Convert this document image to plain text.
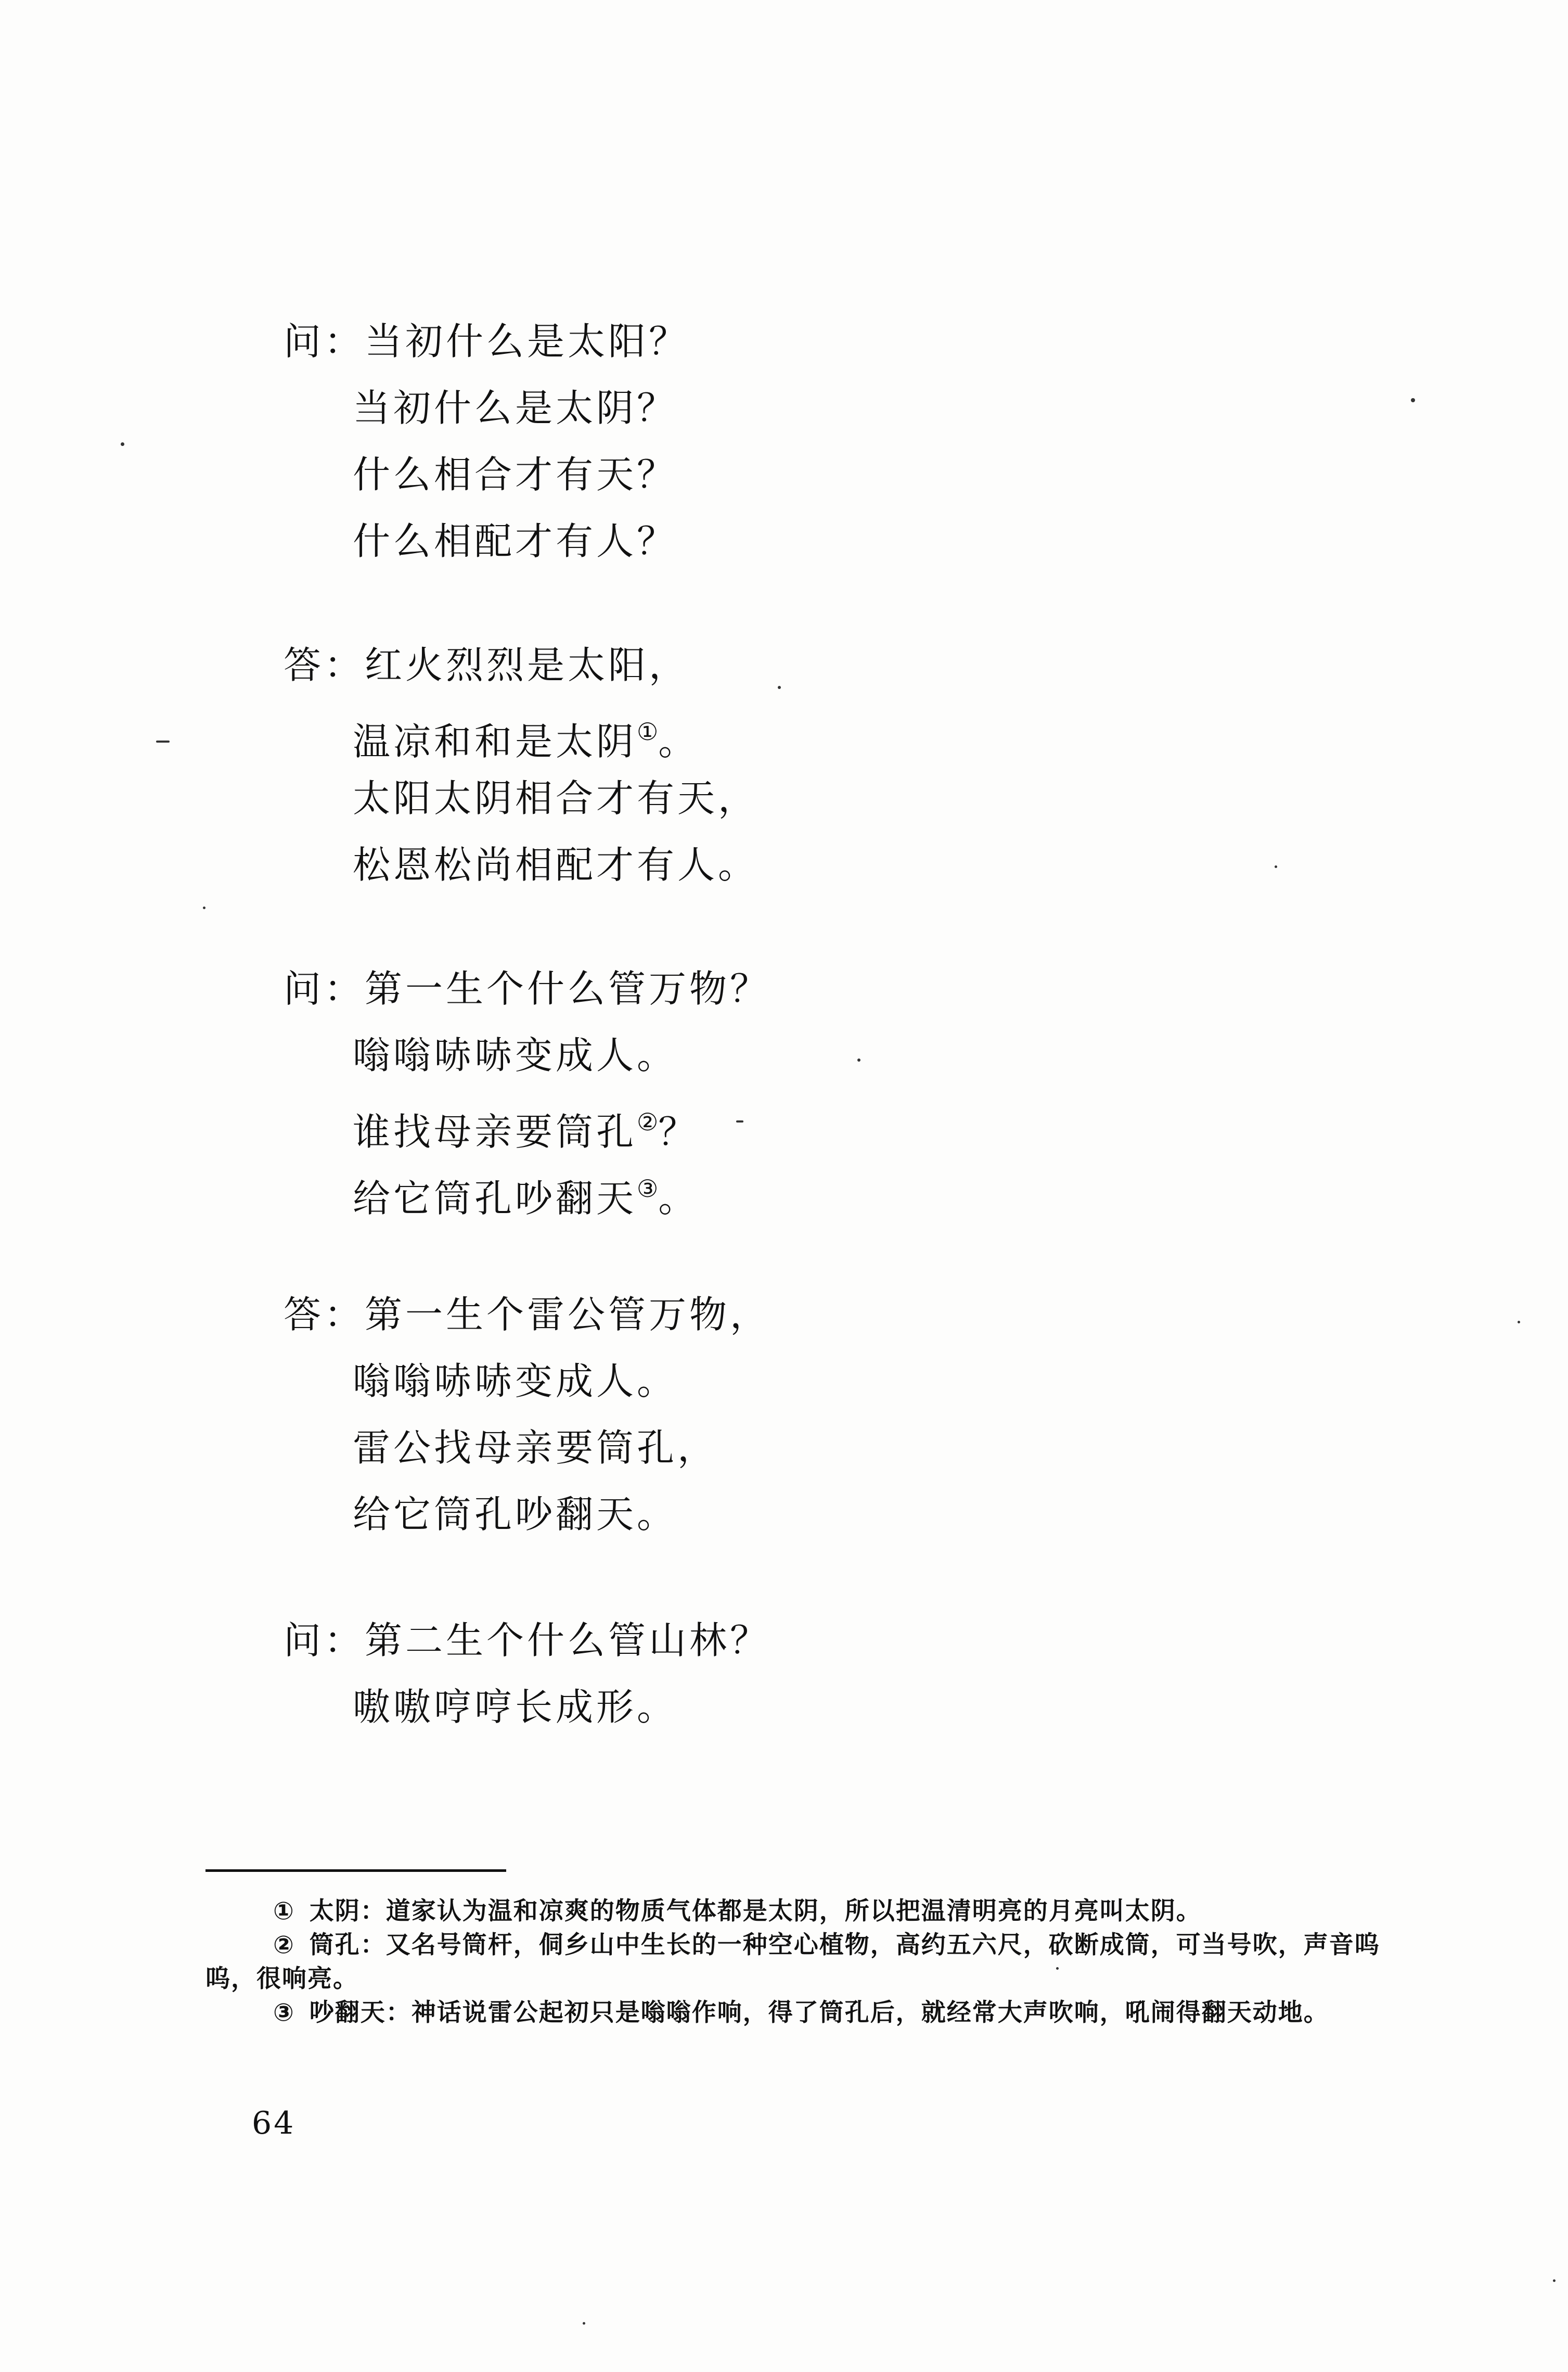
问：当初什么是太阳？
当初什么是太阴？
什么相合才有天？
什么相配才有人？
答：红火烈烈是太阳，
温凉和和是太阴①。
太阳太阴相合才有天，
松恩松尚相配才有人。
问：第一生个什么管万物？
嗡嗡哧哧变成人。
谁找母亲要筒孔②？
给它筒孔吵翻天③。
答：第一生个雷公管万物，
嗡嗡哧哧变成人。
雷公找母亲要筒孔，
给它筒孔吵翻天。
问：第二生个什么管山林？
嗷嗷哼哼长成形。

① 太阴：道家认为温和凉爽的物质气体都是太阴，所以把温清明亮的月亮叫太阴。

② 筒孔：又名号筒杆，侗乡山中生长的一种空心植物，高约五六尺，砍断成筒，可当号吹，声音呜呜，很响亮。

③ 吵翻天：神话说雷公起初只是嗡嗡作响，得了筒孔后，就经常大声吹响，吼闹得翻天动地。

64
